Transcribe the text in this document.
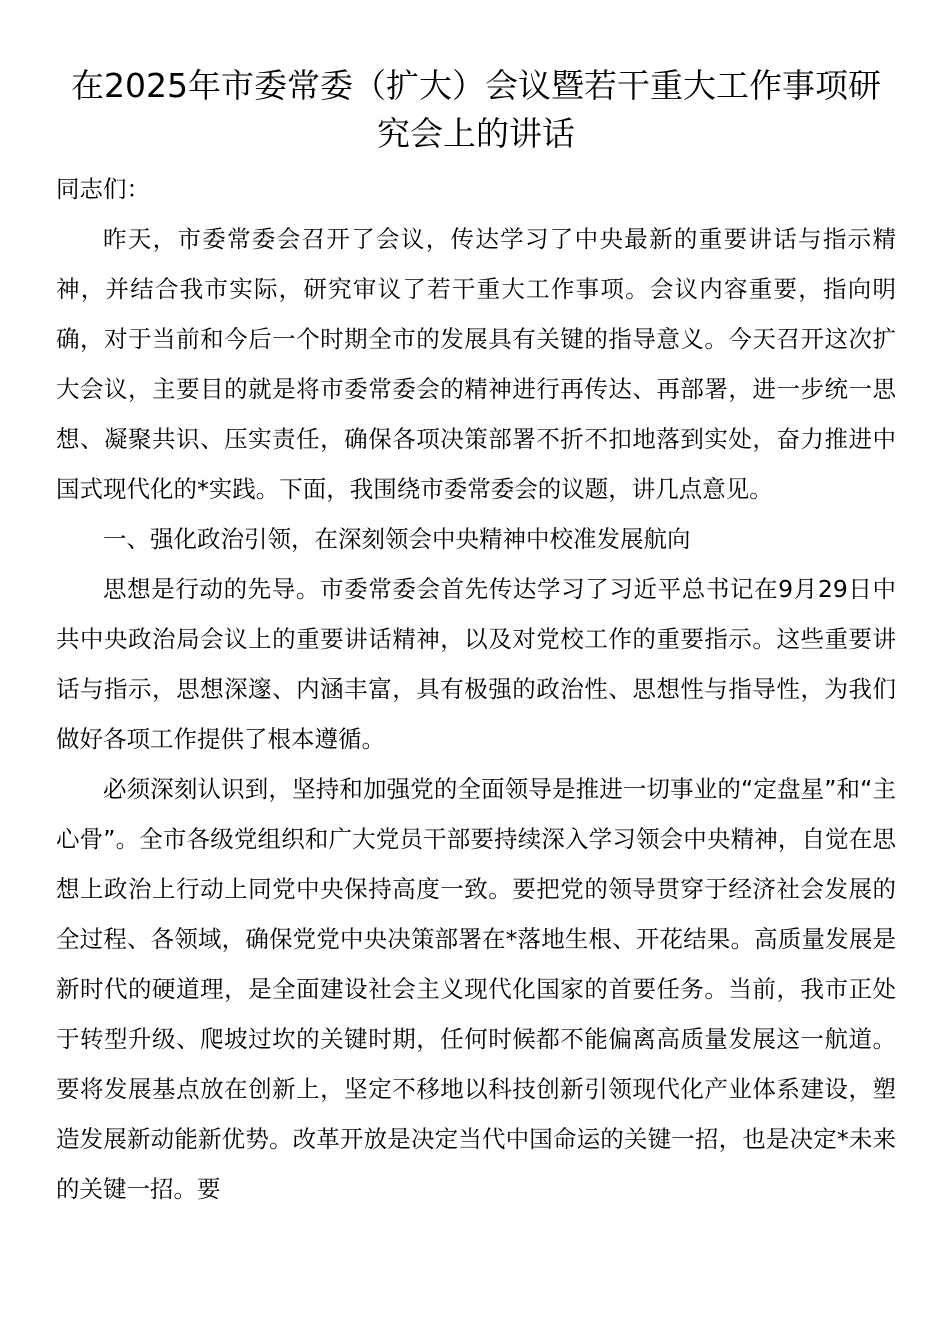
在2025年市委常委（扩大）会议暨若干重大工作事项研究会上的讲话

同志们：

昨天，市委常委会召开了会议，传达学习了中央最新的重要讲话与指示精神，并结合我市实际，研究审议了若干重大工作事项。会议内容重要，指向明确，对于当前和今后一个时期全市的发展具有关键的指导意义。今天召开这次扩大会议，主要目的就是将市委常委会的精神进行再传达、再部署，进一步统一思想、凝聚共识、压实责任，确保各项决策部署不折不扣地落到实处，奋力推进中国式现代化的*实践。下面，我围绕市委常委会的议题，讲几点意见。

一、强化政治引领，在深刻领会中央精神中校准发展航向

思想是行动的先导。市委常委会首先传达学习了习近平总书记在9月29日中共中央政治局会议上的重要讲话精神，以及对党校工作的重要指示。这些重要讲话与指示，思想深邃、内涵丰富，具有极强的政治性、思想性与指导性，为我们做好各项工作提供了根本遵循。

必须深刻认识到，坚持和加强党的全面领导是推进一切事业的“定盘星”和“主心骨”。全市各级党组织和广大党员干部要持续深入学习领会中央精神，自觉在思想上政治上行动上同党中央保持高度一致。要把党的领导贯穿于经济社会发展的全过程、各领域，确保党党中央决策部署在*落地生根、开花结果。高质量发展是新时代的硬道理，是全面建设社会主义现代化国家的首要任务。当前，我市正处于转型升级、爬坡过坎的关键时期，任何时候都不能偏离高质量发展这一航道。要将发展基点放在创新上，坚定不移地以科技创新引领现代化产业体系建设，塑造发展新动能新优势。改革开放是决定当代中国命运的关键一招，也是决定*未来的关键一招。要
